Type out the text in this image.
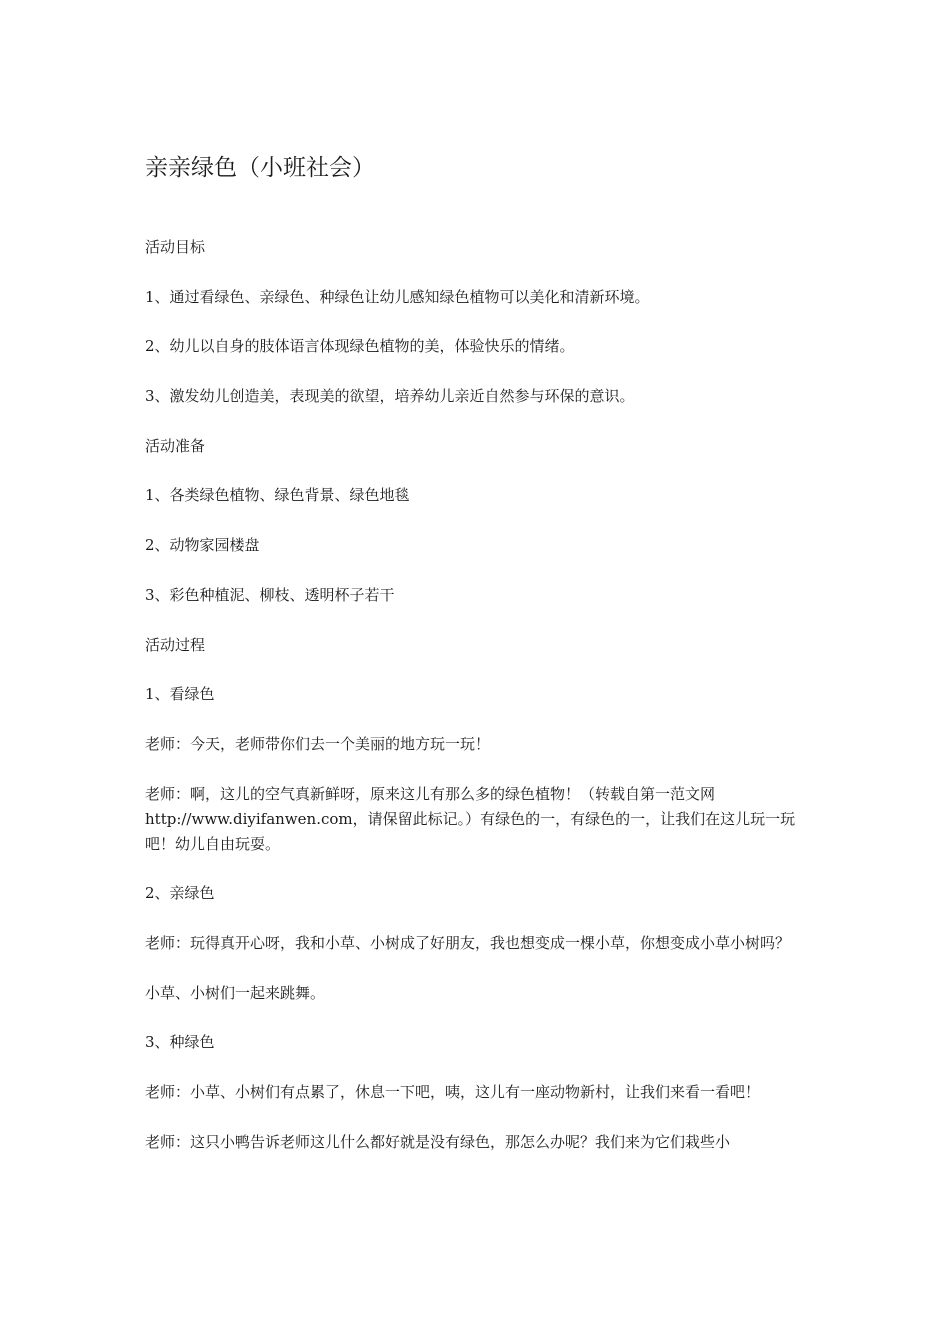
亲亲绿色（小班社会）

活动目标

1、通过看绿色、亲绿色、种绿色让幼儿感知绿色植物可以美化和清新环境。

2、幼儿以自身的肢体语言体现绿色植物的美，体验快乐的情绪。

3、激发幼儿创造美，表现美的欲望，培养幼儿亲近自然参与环保的意识。

活动准备

1、各类绿色植物、绿色背景、绿色地毯

2、动物家园楼盘

3、彩色种植泥、柳枝、透明杯子若干

活动过程

1、看绿色

老师：今天，老师带你们去一个美丽的地方玩一玩！

老师：啊，这儿的空气真新鲜呀，原来这儿有那么多的绿色植物！（转载自第一范文网http://www.diyifanwen.com，请保留此标记。）有绿色的一，有绿色的一，让我们在这儿玩一玩吧！幼儿自由玩耍。

2、亲绿色

老师：玩得真开心呀，我和小草、小树成了好朋友，我也想变成一棵小草，你想变成小草小树吗？

小草、小树们一起来跳舞。

3、种绿色

老师：小草、小树们有点累了，休息一下吧，咦，这儿有一座动物新村，让我们来看一看吧！

老师：这只小鸭告诉老师这儿什么都好就是没有绿色，那怎么办呢？我们来为它们栽些小
